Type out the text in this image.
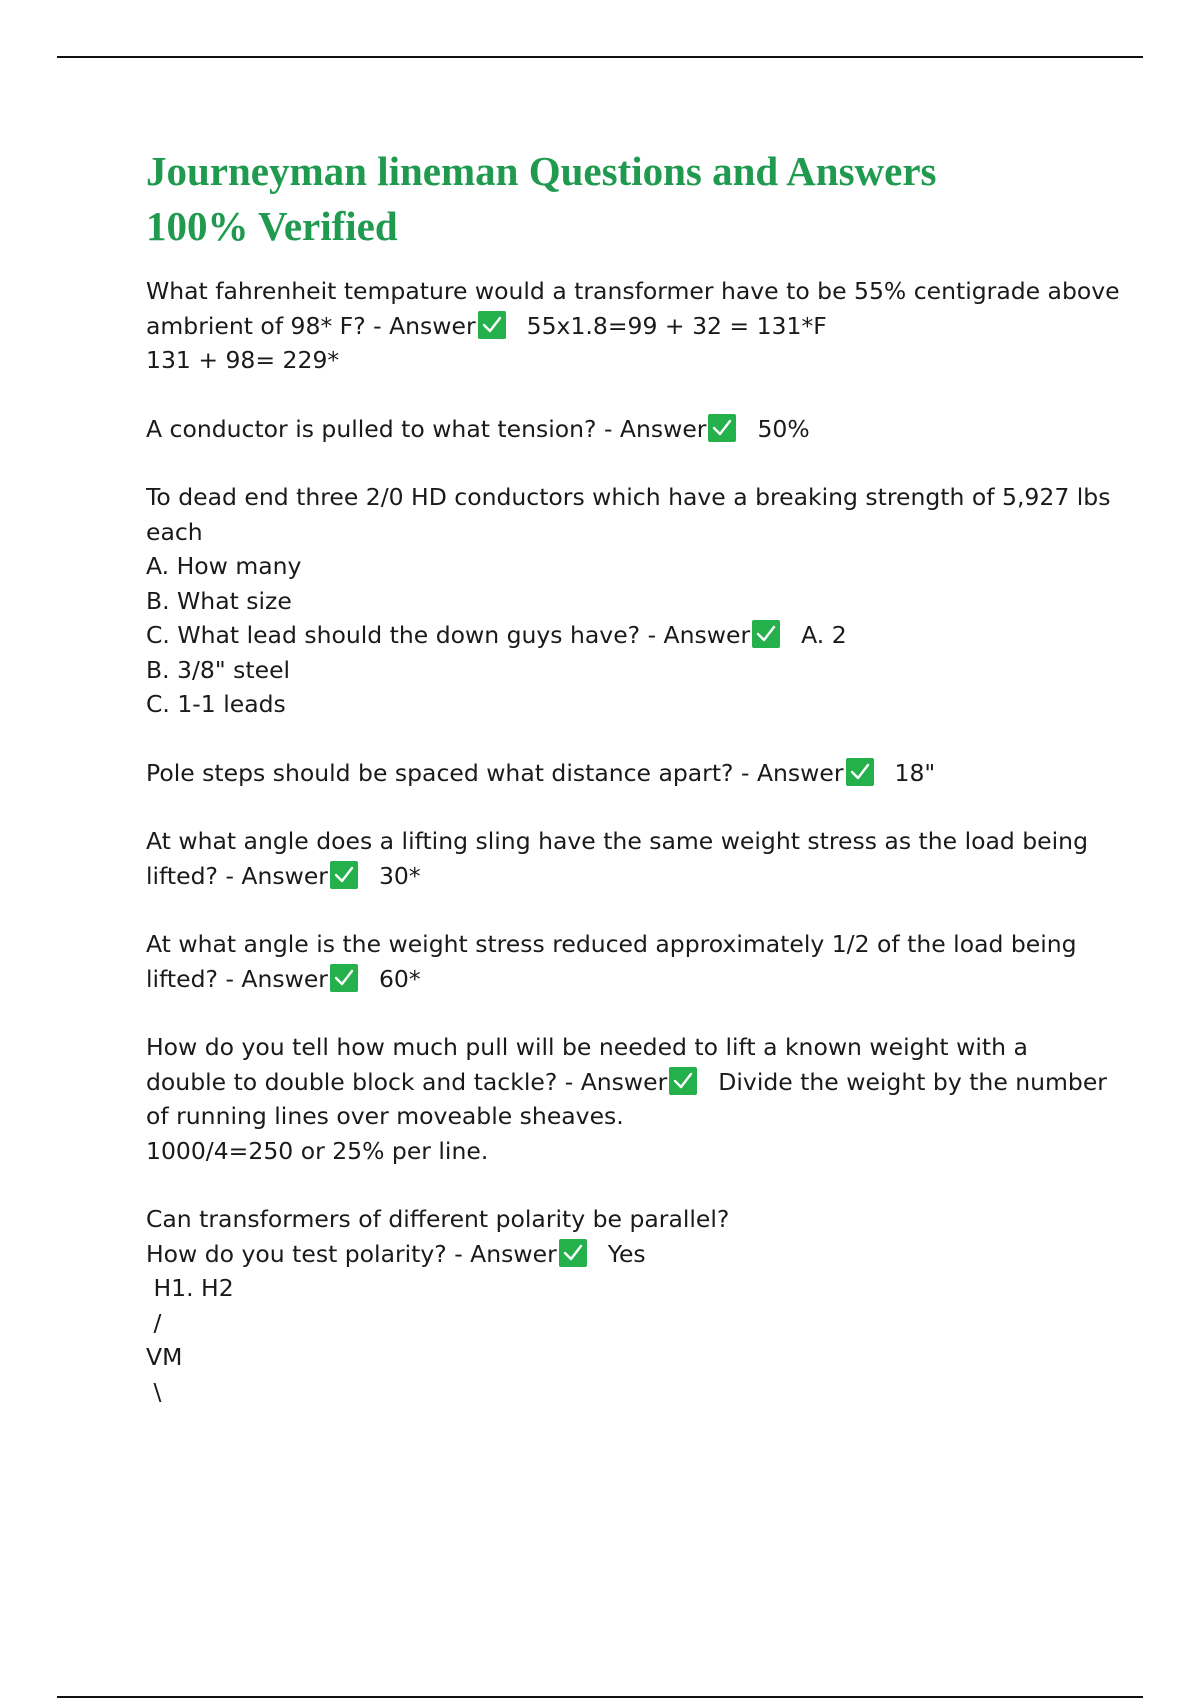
Journeyman lineman Questions and Answers
100% Verified
What fahrenheit tempature would a transformer have to be 55% centigrade above
ambrient of 98* F? - Answer 55x1.8=99 + 32 = 131*F
131 + 98= 229*
A conductor is pulled to what tension? - Answer 50%
To dead end three 2/0 HD conductors which have a breaking strength of 5,927 lbs
each
A. How many
B. What size
C. What lead should the down guys have? - Answer A. 2
B. 3/8" steel
C. 1-1 leads
Pole steps should be spaced what distance apart? - Answer 18"
At what angle does a lifting sling have the same weight stress as the load being
lifted? - Answer 30*
At what angle is the weight stress reduced approximately 1/2 of the load being
lifted? - Answer 60*
How do you tell how much pull will be needed to lift a known weight with a
double to double block and tackle? - Answer Divide the weight by the number
of running lines over moveable sheaves.
1000/4=250 or 25% per line.
Can transformers of different polarity be parallel?
How do you test polarity? - Answer Yes
H1. H2
/
VM
\
